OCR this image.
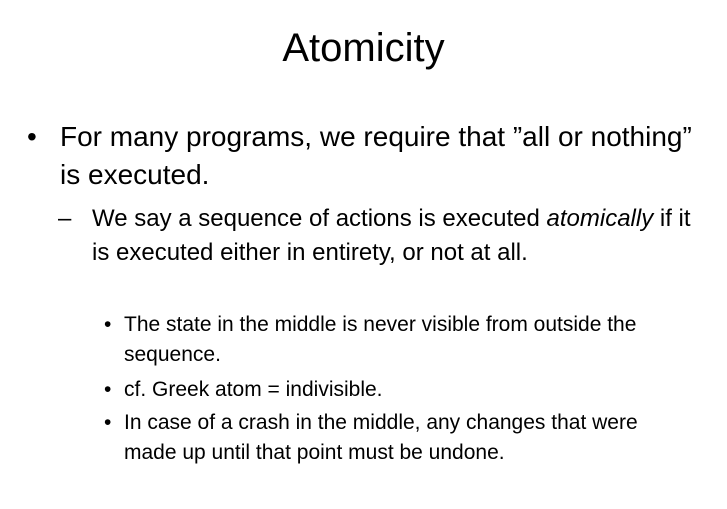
Atomicity
• For many programs, we require that ”all or nothing” is executed.
– We say a sequence of actions is executed atomically if it is executed either in entirety, or not at all.
• The state in the middle is never visible from outside the sequence.
• cf. Greek atom = indivisible.
• In case of a crash in the middle, any changes that were made up until that point must be undone.
